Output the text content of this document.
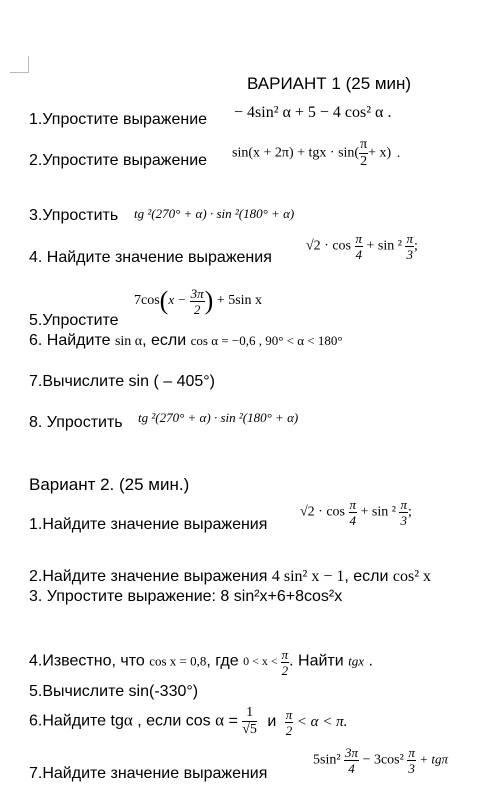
ВАРИАНТ 1 (25 мин)
1.Упростите выражение − 4sin² α + 5 − 4 cos² α .
2.Упростите выражение sin(x + 2π) + tgx · $\sin( \frac{\pi}{2} + x)$ .
3.Упростить tg ²(270° + α) · sin ²(180° + α)
4. Найдите значение выражения
$√2 \cdot \cos \frac{\pi}{4} + \sin ^2 \frac{\pi}{3}$ ;
$7\cos(x - \frac{3\pi}{2}$ ) + 5sin x
5.Упростите
6. Найдите sin α, если cos α = −0,6 , 90° < α < 180°
7.Вычислите sin ( – 405°)
8. Упростить tg ²(270° + α) · sin ²(180° + α)
Вариант 2. (25 мин.)
1.Найдите значение выражения
$√2 \cdot \cos \frac{\pi}{4} + \sin ^2 \frac{\pi}{3}$ ;
2.Найдите значение выражения 4 sin² x − 1, если cos² x
3. Упростите выражение: 8 sin²x+6+8cos²x
4.Известно, что cos x = 0,8, где $0 < x < \frac{\pi}{2}$ . Найти tgx .
5.Вычислите sin(-330°)
6.Найдите tgα , если $\cos \alpha = \frac{1}{√5}$ и $\frac{\pi}{2} < \alpha < \pi$.
7.Найдите значение выражения
$5\sin^2 \frac{3\pi}{4} - 3\cos^2 \frac{\pi}{3} + tg\pi$
